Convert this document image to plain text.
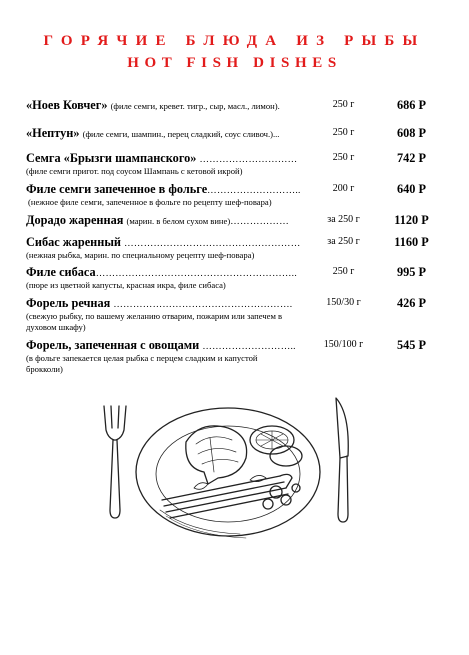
ГОРЯЧИЕ БЛЮДА ИЗ РЫБЫ
HOT FISH DISHES
«Ноев Ковчег» (филе семги, кревет. тигр., сыр, масл., лимон).	250 г	686 Р
«Нептун» (филе семги, шампин., перец сладкий, соус сливоч.)...	250 г	608 Р
Семга «Брызги шампанского» …………………………	250 г	742 Р
(филе семги пригот. под соусом Шампань с кетовой икрой)
Филе семги запеченное в фольге………………………..	200 г	640 Р
(нежное филе семги, запеченное в фольге по рецепту шеф-повара)
Дорадо жаренная (марин. в белом сухом вине)………………	за 250 г	1120 Р
Сибас жаренный ………………………………………………	за 250 г	1160 Р
(нежная рыбка, марин. по специальному рецепту шеф-повара)
Филе сибаса……………………………………………………..	250 г	995 Р
(пюре из цветной капусты, красная икра, филе сибаса)
Форель речная ……………………………………………….	150/30 г	426 Р
(свежую рыбку, по вашему желанию отварим, пожарим или запечем в духовом шкафу)
Форель, запеченная с овощами ………………………..	150/100 г	545 Р
(в фольге запекается целая рыбка с перцем сладким и капустой брокколи)
